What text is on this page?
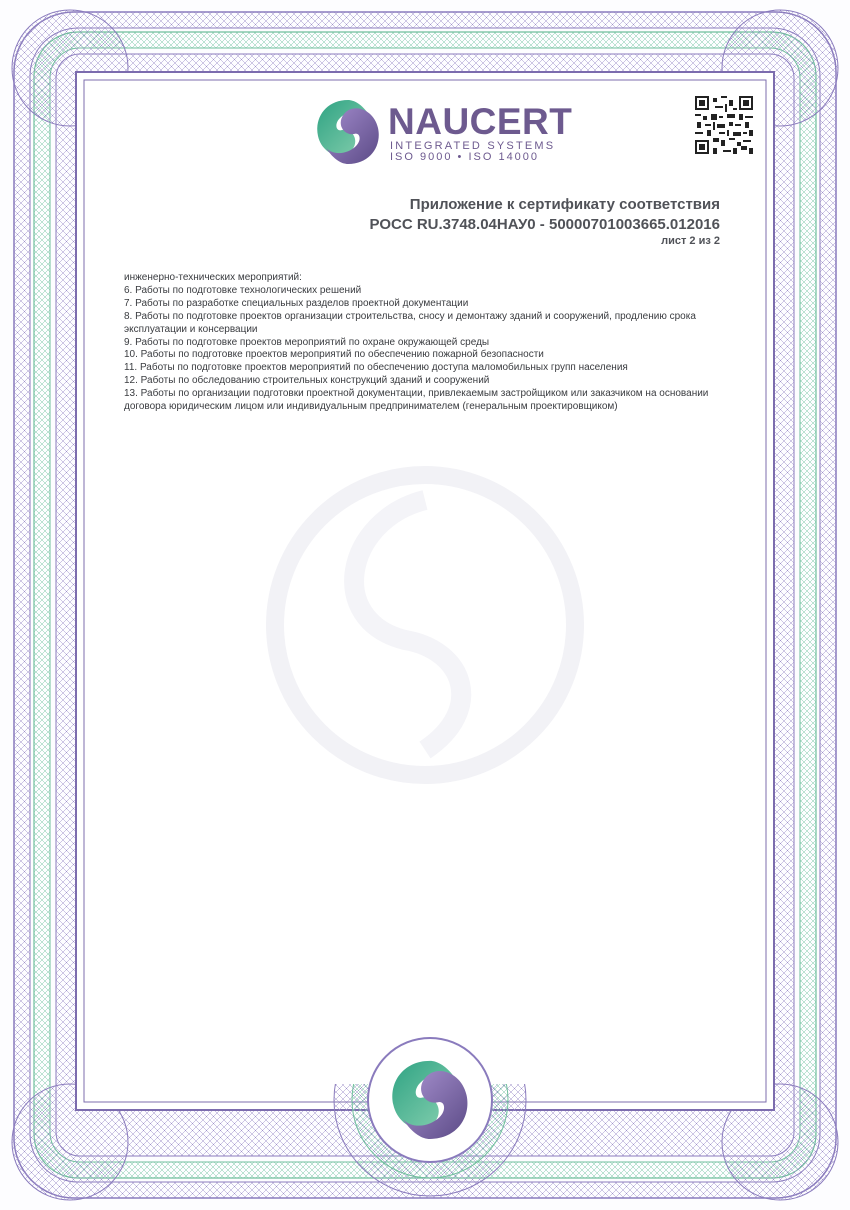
NAUCERT
INTEGRATED SYSTEMS
ISO 9000 • ISO 14000
Приложение к сертификату соответствия
РОСС RU.3748.04НАУ0 - 50000701003665.012016
лист 2 из 2

инженерно-технических мероприятий:

6. Работы по подготовке технологических решений

7. Работы по разработке специальных разделов проектной документации

8. Работы по подготовке проектов организации строительства, сносу и демонтажу зданий и сооружений, продлению срока эксплуатации и консервации

9. Работы по подготовке проектов мероприятий по охране окружающей среды

10. Работы по подготовке проектов мероприятий по обеспечению пожарной безопасности

11. Работы по подготовке проектов мероприятий по обеспечению доступа маломобильных групп населения

12. Работы по обследованию строительных конструкций зданий и сооружений

13. Работы по организации подготовки проектной документации, привлекаемым застройщиком или заказчиком на основании договора юридическим лицом или индивидуальным предпринимателем (генеральным проектировщиком)
